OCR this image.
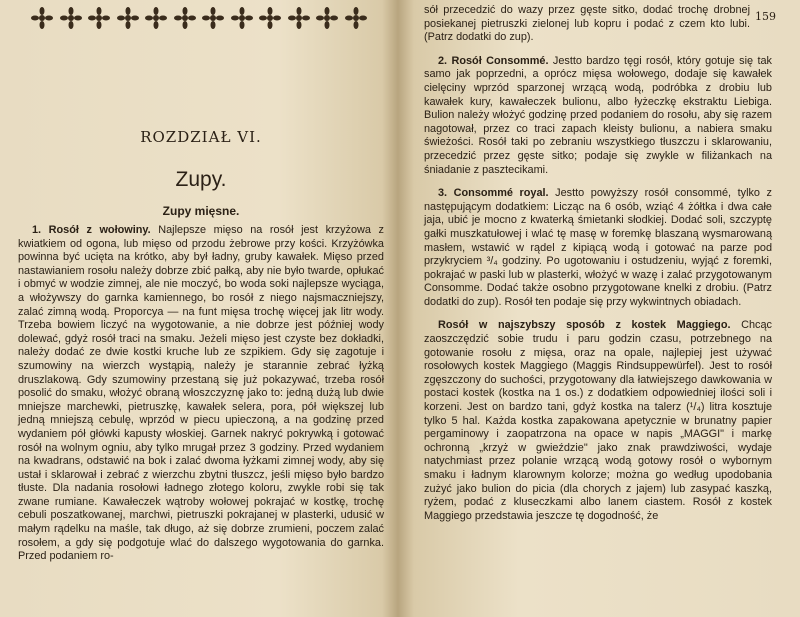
ROZDZIAŁ VI.
Zupy.
Zupy mięsne.

1. Rosół z wołowiny. Najlepsze mięso na rosół jest krzyżowa z kwiatkiem od ogona, lub mięso od przodu żebrowe przy kości. Krzyżówka powinna być ucięta na krótko, aby był ładny, gruby kawałek. Mięso przed nastawianiem rosołu należy dobrze zbić pałką, aby nie było twarde, opłukać i obmyć w wodzie zimnej, ale nie moczyć, bo woda soki najlepsze wyciąga, a włożywszy do garnka kamiennego, bo rosół z niego najsmaczniejszy, zalać zimną wodą. Proporcya — na funt mięsa trochę więcej jak litr wody. Trzeba bowiem liczyć na wygotowanie, a nie dobrze jest później wody dolewać, gdyż rosół traci na smaku. Jeżeli mięso jest czyste bez dokładki, należy dodać ze dwie kostki kruche lub ze szpikiem. Gdy się zagotuje i szumowiny na wierzch wystąpią, należy je starannie zebrać łyżką druszlakową. Gdy szumowiny przestaną się już pokazywać, trzeba rosół posolić do smaku, włożyć obraną włoszczyznę jako to: jedną dużą lub dwie mniejsze marchewki, pietruszkę, kawałek selera, pora, pół większej lub jedną mniejszą cebulę, wprzód w piecu upieczoną, a na godzinę przed wydaniem pół główki kapusty włoskiej. Garnek nakryć pokrywką i gotować rosół na wolnym ogniu, aby tylko mrugał przez 3 godziny. Przed wydaniem na kwadrans, odstawić na bok i zalać dwoma łyżkami zimnej wody, aby się ustał i sklarował i zebrać z wierzchu zbytni tłuszcz, jeśli mięso było bardzo tłuste. Dla nadania rosołowi ładnego złotego koloru, zwykle robi się tak zwane rumiane. Kawałeczek wątroby wołowej pokrajać w kostkę, trochę cebuli poszatkowanej, marchwi, pietruszki pokrajanej w plasterki, udusić w małym rądelku na maśle, tak długo, aż się dobrze zrumieni, poczem zalać rosołem, a gdy się podgotuje wlać do dalszego wygotowania do garnka. Przed podaniem ro-

159

sół przecedzić do wazy przez gęste sitko, dodać trochę drobnej posiekanej pietruszki zielonej lub kopru i podać z czem kto lubi. (Patrz dodatki do zup).

2. Rosół Consommé. Jestto bardzo tęgi rosół, który gotuje się tak samo jak poprzedni, a oprócz mięsa wołowego, dodaje się kawałek cielęciny wprzód sparzonej wrzącą wodą, podróbka z drobiu lub kawałek kury, kawałeczek bulionu, albo łyżeczkę ekstraktu Liebiga. Bulion należy włożyć godzinę przed podaniem do rosołu, aby się razem nagotował, przez co traci zapach kleisty bulionu, a nabiera smaku świeżości. Rosół taki po zebraniu wszystkiego tłuszczu i sklarowaniu, przecedzić przez gęste sitko; podaje się zwykle w filiżankach na śniadanie z pasztecikami.

3. Consommé royal. Jestto powyższy rosół consommé, tylko z następującym dodatkiem: Licząc na 6 osób, wziąć 4 żółtka i dwa całe jaja, ubić je mocno z kwaterką śmietanki słodkiej. Dodać soli, szczyptę gałki muszkatułowej i wlać tę masę w foremkę blaszaną wysmarowaną masłem, wstawić w rądel z kipiącą wodą i gotować na parze pod przykryciem ³/₄ godziny. Po ugotowaniu i ostudzeniu, wyjąć z foremki, pokrajać w paski lub w plasterki, włożyć w wazę i zalać przygotowanym Consomme. Dodać także osobno przygotowane knelki z drobiu. (Patrz dodatki do zup). Rosół ten podaje się przy wykwintnych obiadach.

Rosół w najszybszy sposób z kostek Maggiego. Chcąc zaoszczędzić sobie trudu i paru godzin czasu, potrzebnego na gotowanie rosołu z mięsa, oraz na opale, najlepiej jest używać rosołowych kostek Maggiego (Maggis Rindsuppewürfel). Jest to rosół zgęszczony do suchości, przygotowany dla łatwiejszego dawkowania w postaci kostek (kostka na 1 os.) z dodatkiem odpowiedniej ilości soli i korzeni. Jest on bardzo tani, gdyż kostka na talerz (¹/₄) litra kosztuje tylko 5 hal. Każda kostka zapakowana apetycznie w brunatny papier pergaminowy i zaopatrzona na opace w napis „MAGGI" i markę ochronną „krzyż w gwieździe" jako znak prawdziwości, wydaje natychmiast przez polanie wrzącą wodą gotowy rosół o wybornym smaku i ładnym klarownym kolorze; można go według upodobania zużyć jako bulion do picia (dla chorych z jajem) lub zasypać kaszką, ryżem, podać z kluseczkami albo lanem ciastem. Rosół z kostek Maggiego przedstawia jeszcze tę dogodność, że
